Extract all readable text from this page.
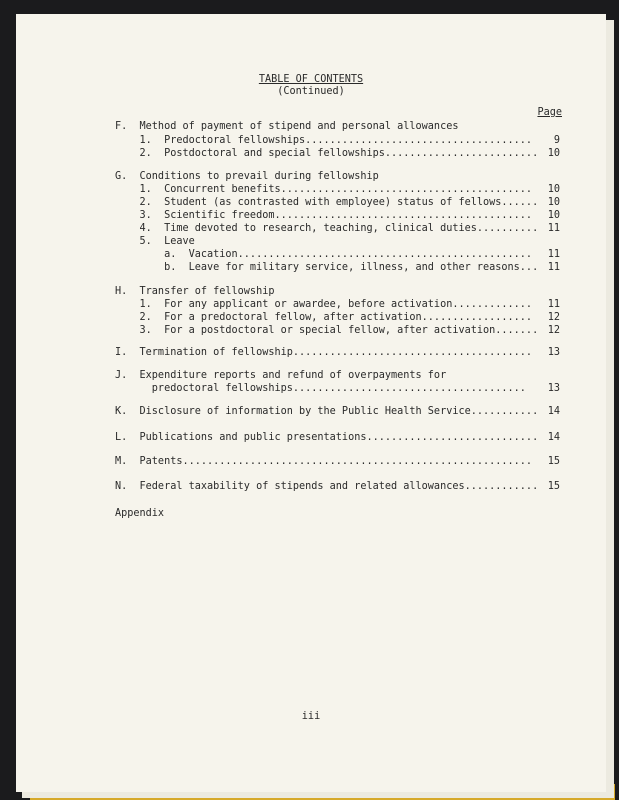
TABLE OF CONTENTS
(Continued)
Page
F.  Method of payment of stipend and personal allowances
1.  Predoctoral fellowships..................................... 9
2.  Postdoctoral and special fellowships......................... 10
G.  Conditions to prevail during fellowship
1.  Concurrent benefits......................................... 10
2.  Student (as contrasted with employee) status of fellows...... 10
3.  Scientific freedom.......................................... 10
4.  Time devoted to research, teaching, clinical duties.......... 11
5.  Leave
a.  Vacation................................................ 11
b.  Leave for military service, illness, and other reasons... 11
H.  Transfer of fellowship
1.  For any applicant or awardee, before activation............. 11
2.  For a predoctoral fellow, after activation.................. 12
3.  For a postdoctoral or special fellow, after activation....... 12
I.  Termination of fellowship....................................... 13
J.  Expenditure reports and refund of overpayments for
predoctoral fellowships...................................... 13
K.  Disclosure of information by the Public Health Service........... 14
L.  Publications and public presentations............................ 14
M.  Patents......................................................... 15
N.  Federal taxability of stipends and related allowances............ 15
Appendix
iii
